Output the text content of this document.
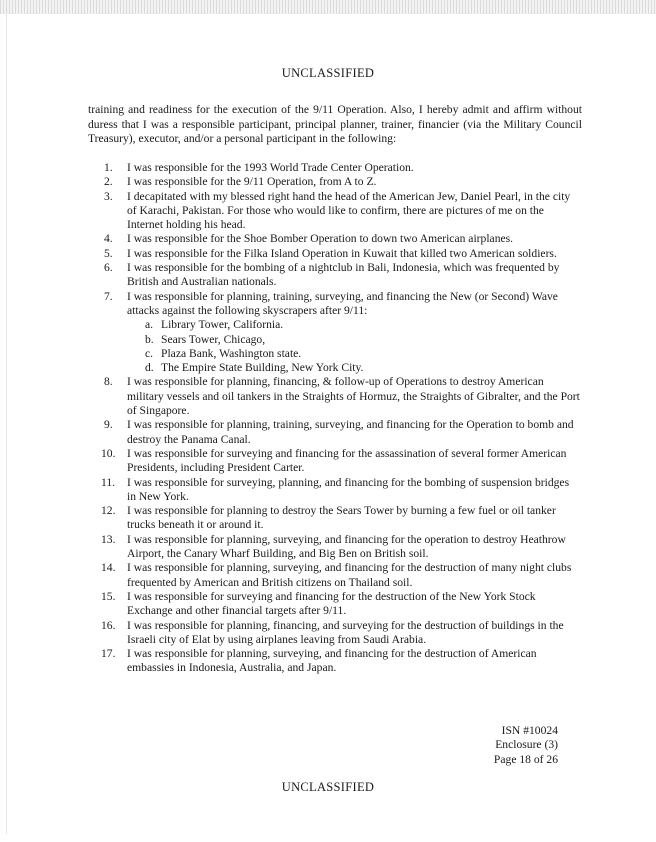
UNCLASSIFIED

training and readiness for the execution of the 9/11 Operation. Also, I hereby admit and affirm without duress that I was a responsible participant, principal planner, trainer, financier (via the Military Council Treasury), executor, and/or a personal participant in the following:

1.	I was responsible for the 1993 World Trade Center Operation.
2.	I was responsible for the 9/11 Operation, from A to Z.
3.	I decapitated with my blessed right hand the head of the American Jew, Daniel Pearl, in the city of Karachi, Pakistan. For those who would like to confirm, there are pictures of me on the Internet holding his head.
4.	I was responsible for the Shoe Bomber Operation to down two American airplanes.
5.	I was responsible for the Filka Island Operation in Kuwait that killed two American soldiers.
6.	I was responsible for the bombing of a nightclub in Bali, Indonesia, which was frequented by British and Australian nationals.
7.	I was responsible for planning, training, surveying, and financing the New (or Second) Wave attacks against the following skyscrapers after 9/11:
a. Library Tower, California.
b. Sears Tower, Chicago,
c. Plaza Bank, Washington state.
d. The Empire State Building, New York City.
8.	I was responsible for planning, financing, & follow-up of Operations to destroy American military vessels and oil tankers in the Straights of Hormuz, the Straights of Gibralter, and the Port of Singapore.
9.	I was responsible for planning, training, surveying, and financing for the Operation to bomb and destroy the Panama Canal.
10. I was responsible for surveying and financing for the assassination of several former American Presidents, including President Carter.
11.	I was responsible for surveying, planning, and financing for the bombing of suspension bridges in New York.
12. I was responsible for planning to destroy the Sears Tower by burning a few fuel or oil tanker trucks beneath it or around it.
13. I was responsible for planning, surveying, and financing for the operation to destroy Heathrow Airport, the Canary Wharf Building, and Big Ben on British soil.
14. I was responsible for planning, surveying, and financing for the destruction of many night clubs frequented by American and British citizens on Thailand soil.
15. I was responsible for surveying and financing for the destruction of the New York Stock Exchange and other financial targets after 9/11.
16. I was responsible for planning, financing, and surveying for the destruction of buildings in the Israeli city of Elat by using airplanes leaving from Saudi Arabia.
17. I was responsible for planning, surveying, and financing for the destruction of American embassies in Indonesia, Australia, and Japan.
ISN #10024
Enclosure (3)
Page 18 of 26
UNCLASSIFIED
